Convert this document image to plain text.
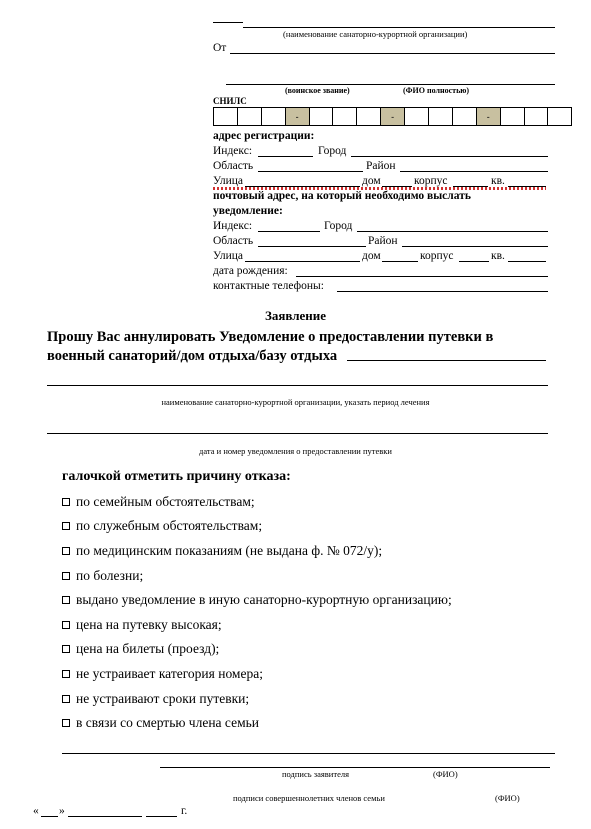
(наименование санаторно-курортной организации)
От
(воинское звание)	(ФИО полностью)
СНИЛС
-	-	-
адрес регистрации:
Индекс:	Город
Область	Район
Улица	дом	корпус	кв.
почтовый адрес, на который необходимо выслать
уведомление:
Индекс:	Город
Область	Район
Улица	дом	корпус	кв.
дата рождения:
контактные телефоны:
Заявление
Прошу Вас аннулировать Уведомление о предоставлении путевки в
военный санаторий/дом отдыха/базу отдыха
наименование санаторно-курортной организации, указать период лечения
дата и номер уведомления о предоставлении путевки
галочкой отметить причину отказа:
по семейным обстоятельствам;
по служебным обстоятельствам;
по медицинским показаниям (не выдана ф. № 072/у);
по болезни;
выдано уведомление в иную санаторно-курортную организацию;
цена на путевку высокая;
цена на билеты (проезд);
не устраивает категория номера;
не устраивают сроки путевки;
в связи со смертью члена семьи
подпись заявителя	(ФИО)
подписи совершеннолетних членов семьи	(ФИО)
« »	г.
